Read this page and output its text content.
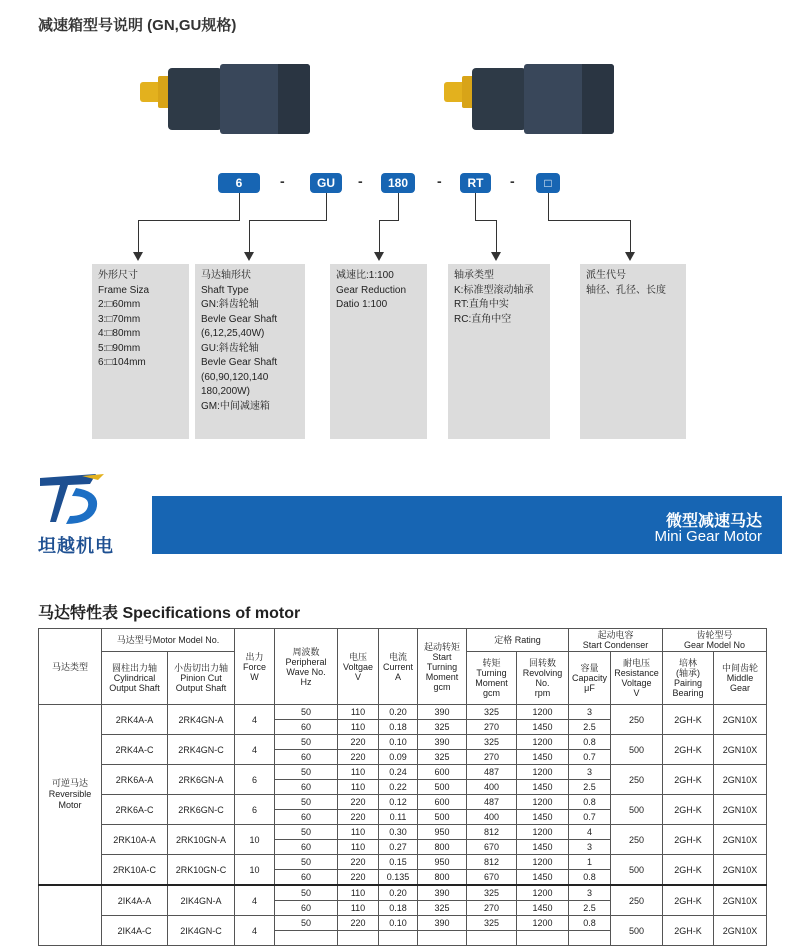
减速箱型号说明 (GN,GU规格)
6	-	GU	-	180	-	RT	-	□
外形尺寸
Frame Siza
2:□60mm
3:□70mm
4:□80mm
5:□90mm
6:□104mm
马达轴形状
Shaft Type
GN:斜齿轮轴
Bevle Gear Shaft
(6,12,25,40W)
GU:斜齿轮轴
Bevle Gear Shaft
(60,90,120,140
180,200W)
GM:中间减速箱
减速比:1:100
Gear Reduction
Datio 1:100
轴承类型
K:标准型滚动轴承
RT:直角中实
RC:直角中空
派生代号
轴径、孔径、长度
坦越机电
微型减速马达
Mini Gear Motor
马达特性表 Specifications of motor
马达类型	马达型号Motor Model No.		出力
Force
W	周波数
Peripheral
Wave No.
Hz	电压
Voltgae
V	电流
Current
A	起动转矩
Start
Turning
Moment
gcm	定格 Rating		起动电容
Start Condenser		齿轮型号
Gear Model No	
	圆柱出力轴
Cylindrical
Output Shaft	小齿切出力轴
Pinion Cut
Output Shaft						转矩
Turning
Moment
gcm	回转数
Revolving
No.
rpm	容量
Capacity
μF	耐电压
Resistance
Voltage
V	培林
(轴承)
Pairing
Bearing	中间齿轮
Middle
Gear

可逆马达
Reversible
Motor	2RK4A-A	2RK4GN-A	4	50	110	0.20	390	325	1200	3	250	2GH-K	2GN10X
				60	110	0.18	325	270	1450	2.5			
	2RK4A-C	2RK4GN-C	4	50	220	0.10	390	325	1200	0.8	500	2GH-K	2GN10X
				60	220	0.09	325	270	1450	0.7			
	2RK6A-A	2RK6GN-A	6	50	110	0.24	600	487	1200	3	250	2GH-K	2GN10X
				60	110	0.22	500	400	1450	2.5			
	2RK6A-C	2RK6GN-C	6	50	220	0.12	600	487	1200	0.8	500	2GH-K	2GN10X
				60	220	0.11	500	400	1450	0.7			
	2RK10A-A	2RK10GN-A	10	50	110	0.30	950	812	1200	4	250	2GH-K	2GN10X
				60	110	0.27	800	670	1450	3			
	2RK10A-C	2RK10GN-C	10	50	220	0.15	950	812	1200	1	500	2GH-K	2GN10X
				60	220	0.135	800	670	1450	0.8			

	2IK4A-A	2IK4GN-A	4	50	110	0.20	390	325	1200	3	250	2GH-K	2GN10X
				60	110	0.18	325	270	1450	2.5			
	2IK4A-C	2IK4GN-C	4	50	220	0.10	390	325	1200	0.8	500	2GH-K	2GN10X
